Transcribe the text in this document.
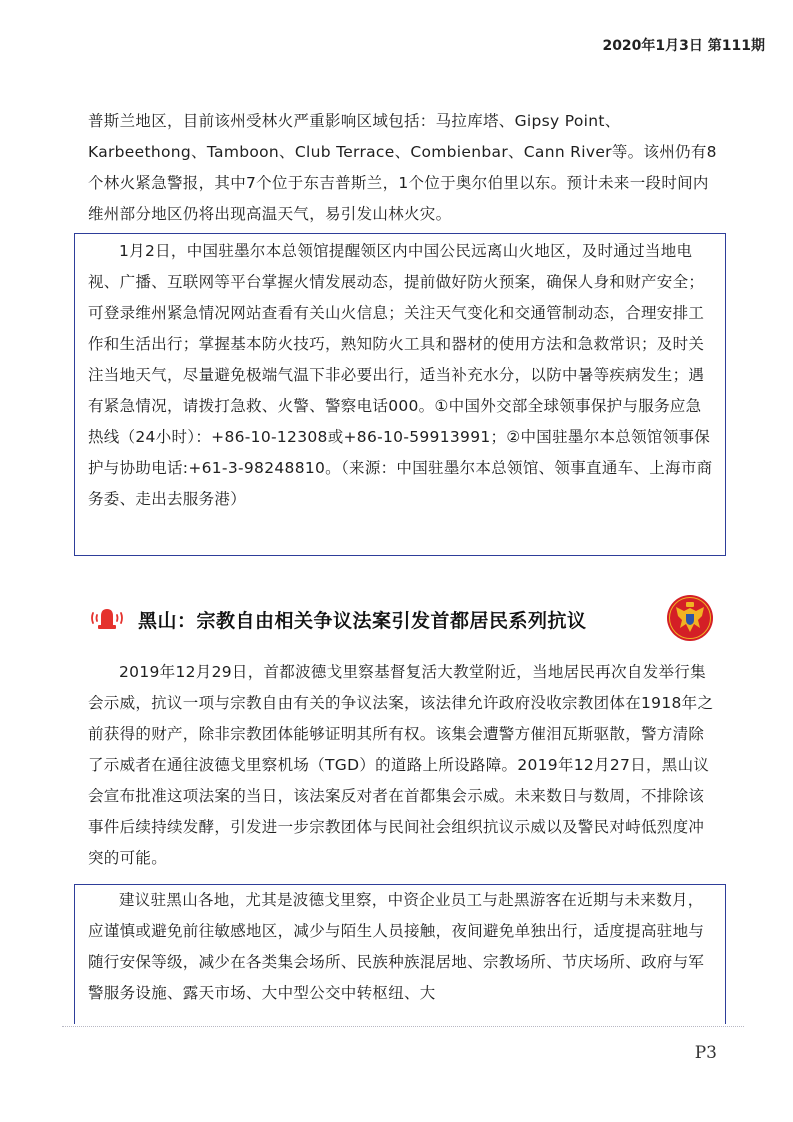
2020年1月3日 第111期

普斯兰地区，目前该州受林火严重影响区域包括：马拉库塔、Gipsy Point、Karbeethong、Tamboon、Club Terrace、Combienbar、Cann River等。该州仍有8个林火紧急警报，其中7个位于东吉普斯兰，1个位于奥尔伯里以东。预计未来一段时间内维州部分地区仍将出现高温天气，易引发山林火灾。

1月2日，中国驻墨尔本总领馆提醒领区内中国公民远离山火地区，及时通过当地电视、广播、互联网等平台掌握火情发展动态，提前做好防火预案，确保人身和财产安全；可登录维州紧急情况网站查看有关山火信息；关注天气变化和交通管制动态，合理安排工作和生活出行；掌握基本防火技巧，熟知防火工具和器材的使用方法和急救常识；及时关注当地天气，尽量避免极端气温下非必要出行，适当补充水分，以防中暑等疾病发生；遇有紧急情况，请拨打急救、火警、警察电话000。①中国外交部全球领事保护与服务应急热线（24小时）：+86-10-12308或+86-10-59913991；②中国驻墨尔本总领馆领事保护与协助电话:+61-3-98248810。（来源：中国驻墨尔本总领馆、领事直通车、上海市商务委、走出去服务港）

黑山：宗教自由相关争议法案引发首都居民系列抗议

2019年12月29日，首都波德戈里察基督复活大教堂附近，当地居民再次自发举行集会示威，抗议一项与宗教自由有关的争议法案，该法律允许政府没收宗教团体在1918年之前获得的财产，除非宗教团体能够证明其所有权。该集会遭警方催泪瓦斯驱散，警方清除了示威者在通往波德戈里察机场（TGD）的道路上所设路障。2019年12月27日，黑山议会宣布批准这项法案的当日，该法案反对者在首都集会示威。未来数日与数周，不排除该事件后续持续发酵，引发进一步宗教团体与民间社会组织抗议示威以及警民对峙低烈度冲突的可能。

建议驻黑山各地，尤其是波德戈里察，中资企业员工与赴黑游客在近期与未来数月，应谨慎或避免前往敏感地区，减少与陌生人员接触，夜间避免单独出行，适度提高驻地与随行安保等级，减少在各类集会场所、民族种族混居地、宗教场所、节庆场所、政府与军警服务设施、露天市场、大中型公交中转枢纽、大

P3
